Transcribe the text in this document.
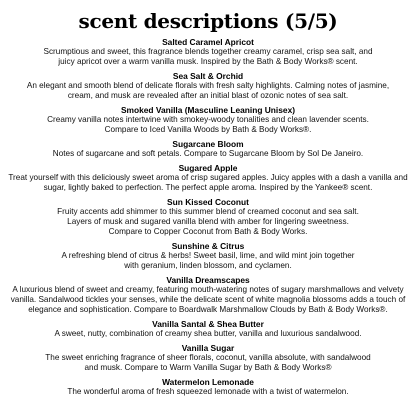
scent descriptions (5/5)
Salted Caramel Apricot
Scrumptious and sweet, this fragrance blends together creamy caramel, crisp sea salt, and
juicy apricot over a warm vanilla musk. Inspired by the Bath & Body Works® scent.
Sea Salt & Orchid
An elegant and smooth blend of delicate florals with fresh salty highlights. Calming notes of jasmine,
cream, and musk are revealed after an initial blast of ozonic notes of sea salt.
Smoked Vanilla (Masculine Leaning Unisex)
Creamy vanilla notes intertwine with smokey-woody tonalities and clean lavender scents.
Compare to Iced Vanilla Woods by Bath & Body Works®.
Sugarcane Bloom
Notes of sugarcane and soft petals. Compare to Sugarcane Bloom by Sol De Janeiro.
Sugared Apple
Treat yourself with this deliciously sweet aroma of crisp sugared apples. Juicy apples with a dash a vanilla and
sugar, lightly baked to perfection. The perfect apple aroma. Inspired by the Yankee® scent.
Sun Kissed Coconut
Fruity accents add shimmer to this summer blend of creamed coconut and sea salt.
Layers of musk and sugared vanilla blend with amber for lingering sweetness.
Compare to Copper Coconut from Bath & Body Works.
Sunshine & Citrus
A refreshing blend of citrus & herbs! Sweet basil, lime, and wild mint join together
with geranium, linden blossom, and cyclamen.
Vanilla Dreamscapes
A luxurious blend of sweet and creamy, featuring mouth-watering notes of sugary marshmallows and velvety
vanilla. Sandalwood tickles your senses, while the delicate scent of white magnolia blossoms adds a touch of
elegance and sophistication. Compare to Boardwalk Marshmallow Clouds by Bath & Body Works®.
Vanilla Santal & Shea Butter
A sweet, nutty, combination of creamy shea butter, vanilla and luxurious sandalwood.
Vanilla Sugar
The sweet enriching fragrance of sheer florals, coconut, vanilla absolute, with sandalwood
and musk. Compare to Warm Vanilla Sugar by Bath & Body Works®
Watermelon Lemonade
The wonderful aroma of fresh squeezed lemonade with a twist of watermelon.
